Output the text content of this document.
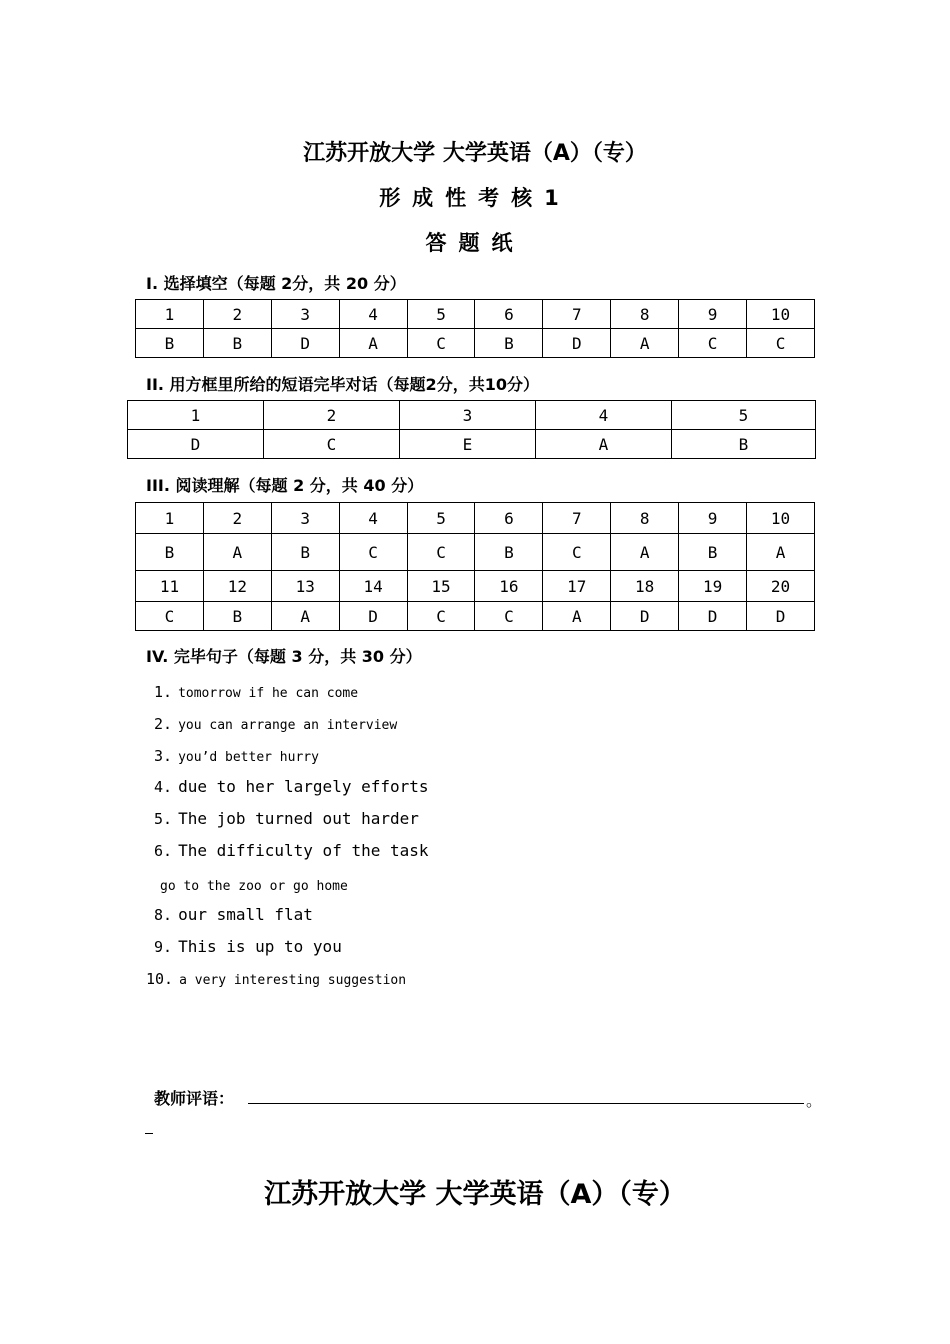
江苏开放大学 大学英语（A）（专）
形成性考核1
答题纸
I. 选择填空（每题 2分，共 20 分）
1	2	3	4	5	6	7	8	9	10
B	B	D	A	C	B	D	A	C	C
II. 用方框里所给的短语完毕对话（每题2分，共10分）
1	2	3	4	5
D	C	E	A	B
III. 阅读理解（每题 2 分，共 40 分）
1	2	3	4	5	6	7	8	9	10
B	A	B	C	C	B	C	A	B	A
11	12	13	14	15	16	17	18	19	20
C	B	A	D	C	C	A	D	D	D
IV. 完毕句子（每题 3 分，共 30 分）
1. tomorrow if he can come
2. you can arrange an interview
3. you’d better hurry
4. due to her largely efforts
5. The job turned out harder
6. The difficulty of the task
go to the zoo or go home
8. our small flat
9. This is up to you
10. a very interesting suggestion
教师评语：	。
江苏开放大学 大学英语（A）（专）
